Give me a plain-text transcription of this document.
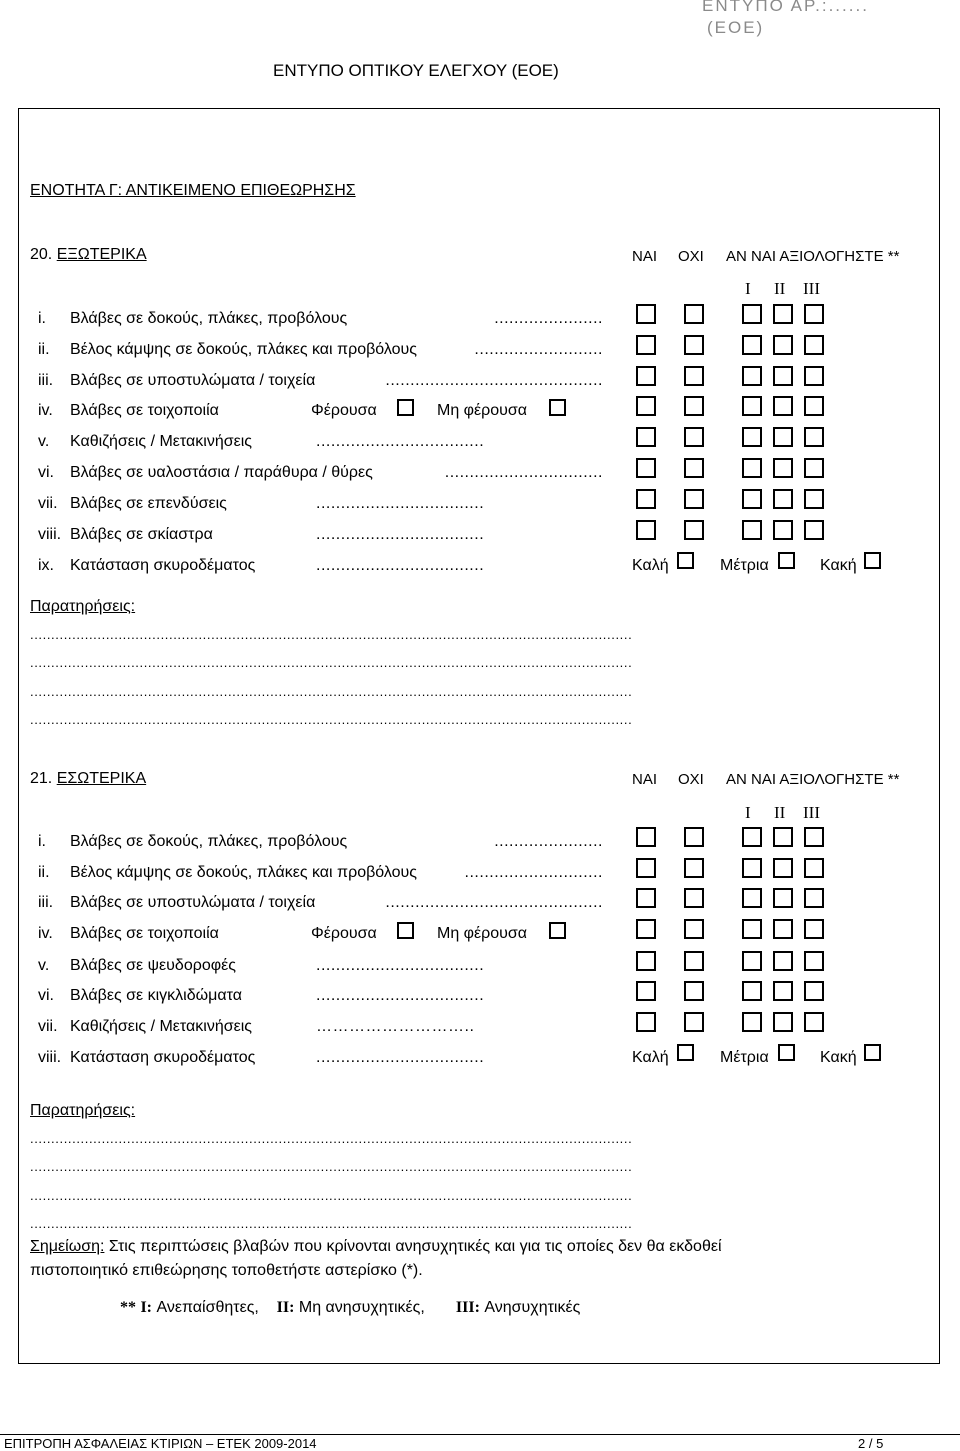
ΕΝΤΥΠΟ ΑΡ.:......
(ΕΟΕ)
ΕΝΤΥΠΟ ΟΠΤΙΚΟΥ ΕΛΕΓΧΟΥ (ΕΟΕ)
ΕΝΟΤΗΤΑ Γ: ΑΝΤΙΚΕΙΜΕΝΟ ΕΠΙΘΕΩΡΗΣΗΣ
20. ΕΞΩΤΕΡΙΚΑ	ΝΑΙ ΟΧΙ ΑΝ ΝΑΙ ΑΞΙΟΛΟΓΗΣΤΕ **
I II III
i. Βλάβες σε δοκούς, πλάκες, προβόλους	......................
ii. Βέλος κάμψης σε δοκούς, πλάκες και προβόλους	..........................
iii. Βλάβες σε υποστυλώματα / τοιχεία	............................................
iv. Βλάβες σε τοιχοποιία	Φέρουσα	Μη φέρουσα
v. Καθιζήσεις / Μετακινήσεις	..................................
vi. Βλάβες σε υαλοστάσια / παράθυρα / θύρες	................................
vii. Βλάβες σε επενδύσεις	..................................
viii. Βλάβες σε σκίαστρα	..................................
ix. Κατάσταση σκυροδέματος	..................................	Καλή	Μέτρια	Κακή
Παρατηρήσεις:
...............................................................................................................................................
...............................................................................................................................................
...............................................................................................................................................
...............................................................................................................................................
21. ΕΣΩΤΕΡΙΚΑ	ΝΑΙ ΟΧΙ ΑΝ ΝΑΙ ΑΞΙΟΛΟΓΗΣΤΕ **
I II III
i. Βλάβες σε δοκούς, πλάκες, προβόλους	......................
ii. Βέλος κάμψης σε δοκούς, πλάκες και προβόλους	............................
iii. Βλάβες σε υποστυλώματα / τοιχεία	............................................
iv. Βλάβες σε τοιχοποιία	Φέρουσα	Μη φέρουσα
v. Βλάβες σε ψευδοροφές	..................................
vi. Βλάβες σε κιγκλιδώματα	..................................
vii. Καθιζήσεις / Μετακινήσεις	………………………..
viii. Κατάσταση σκυροδέματος	..................................	Καλή	Μέτρια	Κακή
Παρατηρήσεις:
...............................................................................................................................................
...............................................................................................................................................
...............................................................................................................................................
...............................................................................................................................................
Σημείωση: Στις περιπτώσεις βλαβών που κρίνονται ανησυχητικές και για τις οποίες δεν θα εκδοθεί
πιστοποιητικό επιθεώρησης τοποθετήστε αστερίσκο (*).
** I: Ανεπαίσθητες, II: Μη ανησυχητικές, III: Ανησυχητικές
ΕΠΙΤΡΟΠΗ ΑΣΦΑΛΕΙΑΣ ΚΤΙΡΙΩΝ – ΕΤΕΚ 2009-2014	2 / 5
